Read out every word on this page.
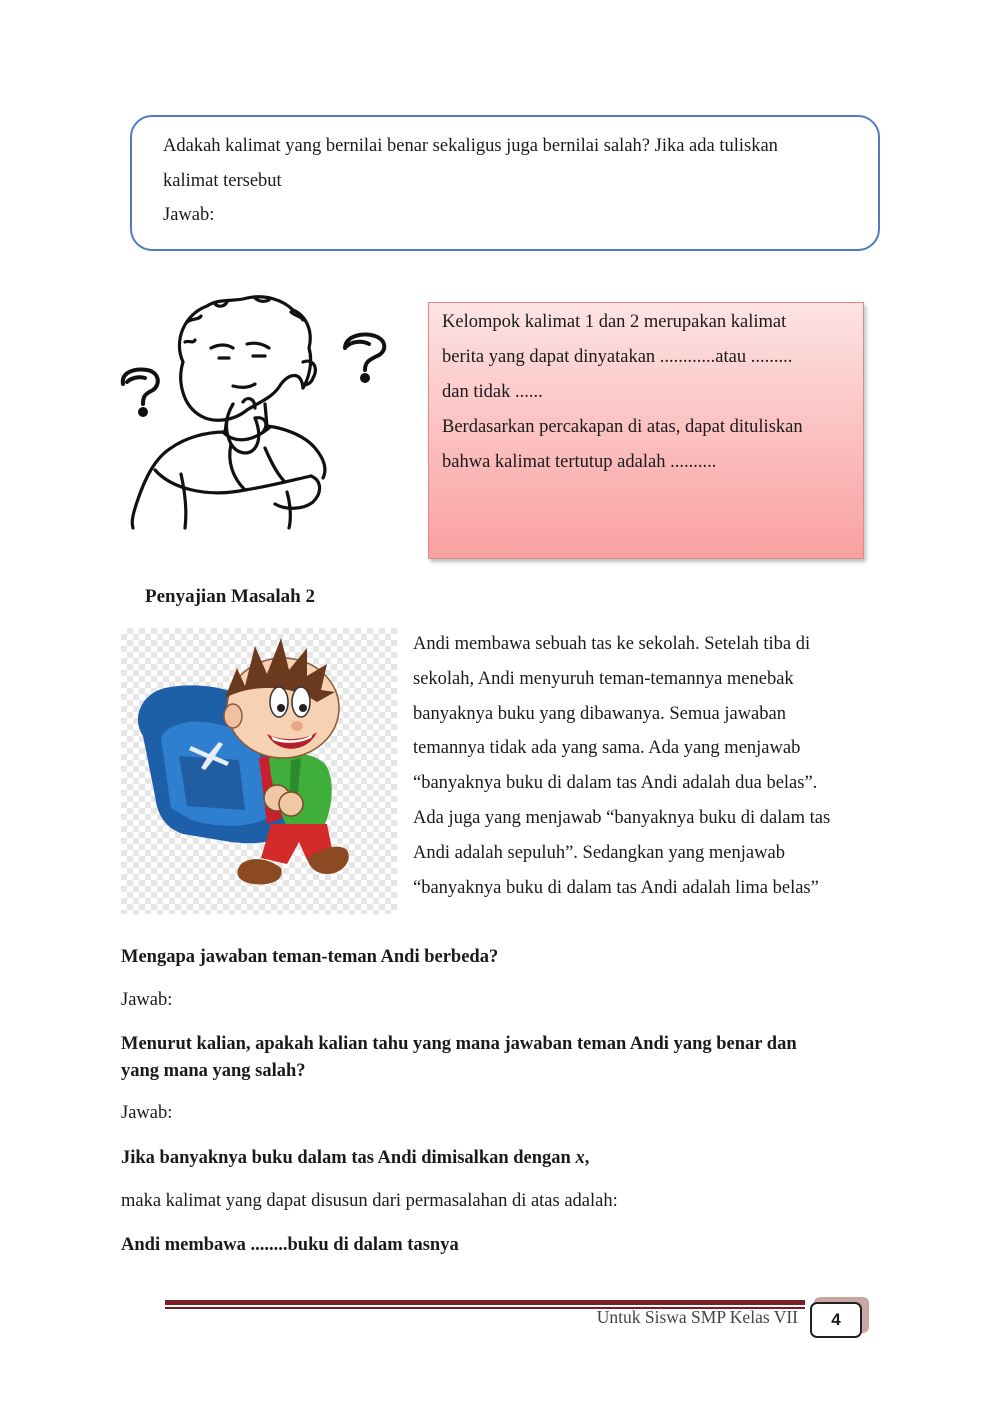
Adakah kalimat yang bernilai benar sekaligus juga bernilai salah? Jika ada tuliskan

kalimat tersebut

Jawab:

Kelompok kalimat 1 dan 2 merupakan kalimat

berita yang dapat dinyatakan ............atau .........

dan tidak ......

Berdasarkan percakapan di atas, dapat dituliskan

bahwa kalimat tertutup adalah ..........

Penyajian Masalah 2

Andi membawa sebuah tas ke sekolah. Setelah tiba di

sekolah, Andi menyuruh teman-temannya menebak

banyaknya buku yang dibawanya. Semua jawaban

temannya tidak ada yang sama. Ada yang menjawab

“banyaknya buku di dalam tas Andi adalah dua belas”.

Ada juga yang menjawab “banyaknya buku di dalam tas

Andi adalah sepuluh”. Sedangkan yang menjawab

“banyaknya buku di dalam tas Andi adalah lima belas”

Mengapa jawaban teman-teman Andi berbeda?

Jawab:

Menurut kalian, apakah kalian tahu yang mana jawaban teman Andi yang benar dan

yang mana yang salah?

Jawab:

Jika banyaknya buku dalam tas Andi dimisalkan dengan x,

maka kalimat yang dapat disusun dari permasalahan di atas adalah:

Andi membawa ........buku di dalam tasnya

Untuk Siswa SMP Kelas VII	4
